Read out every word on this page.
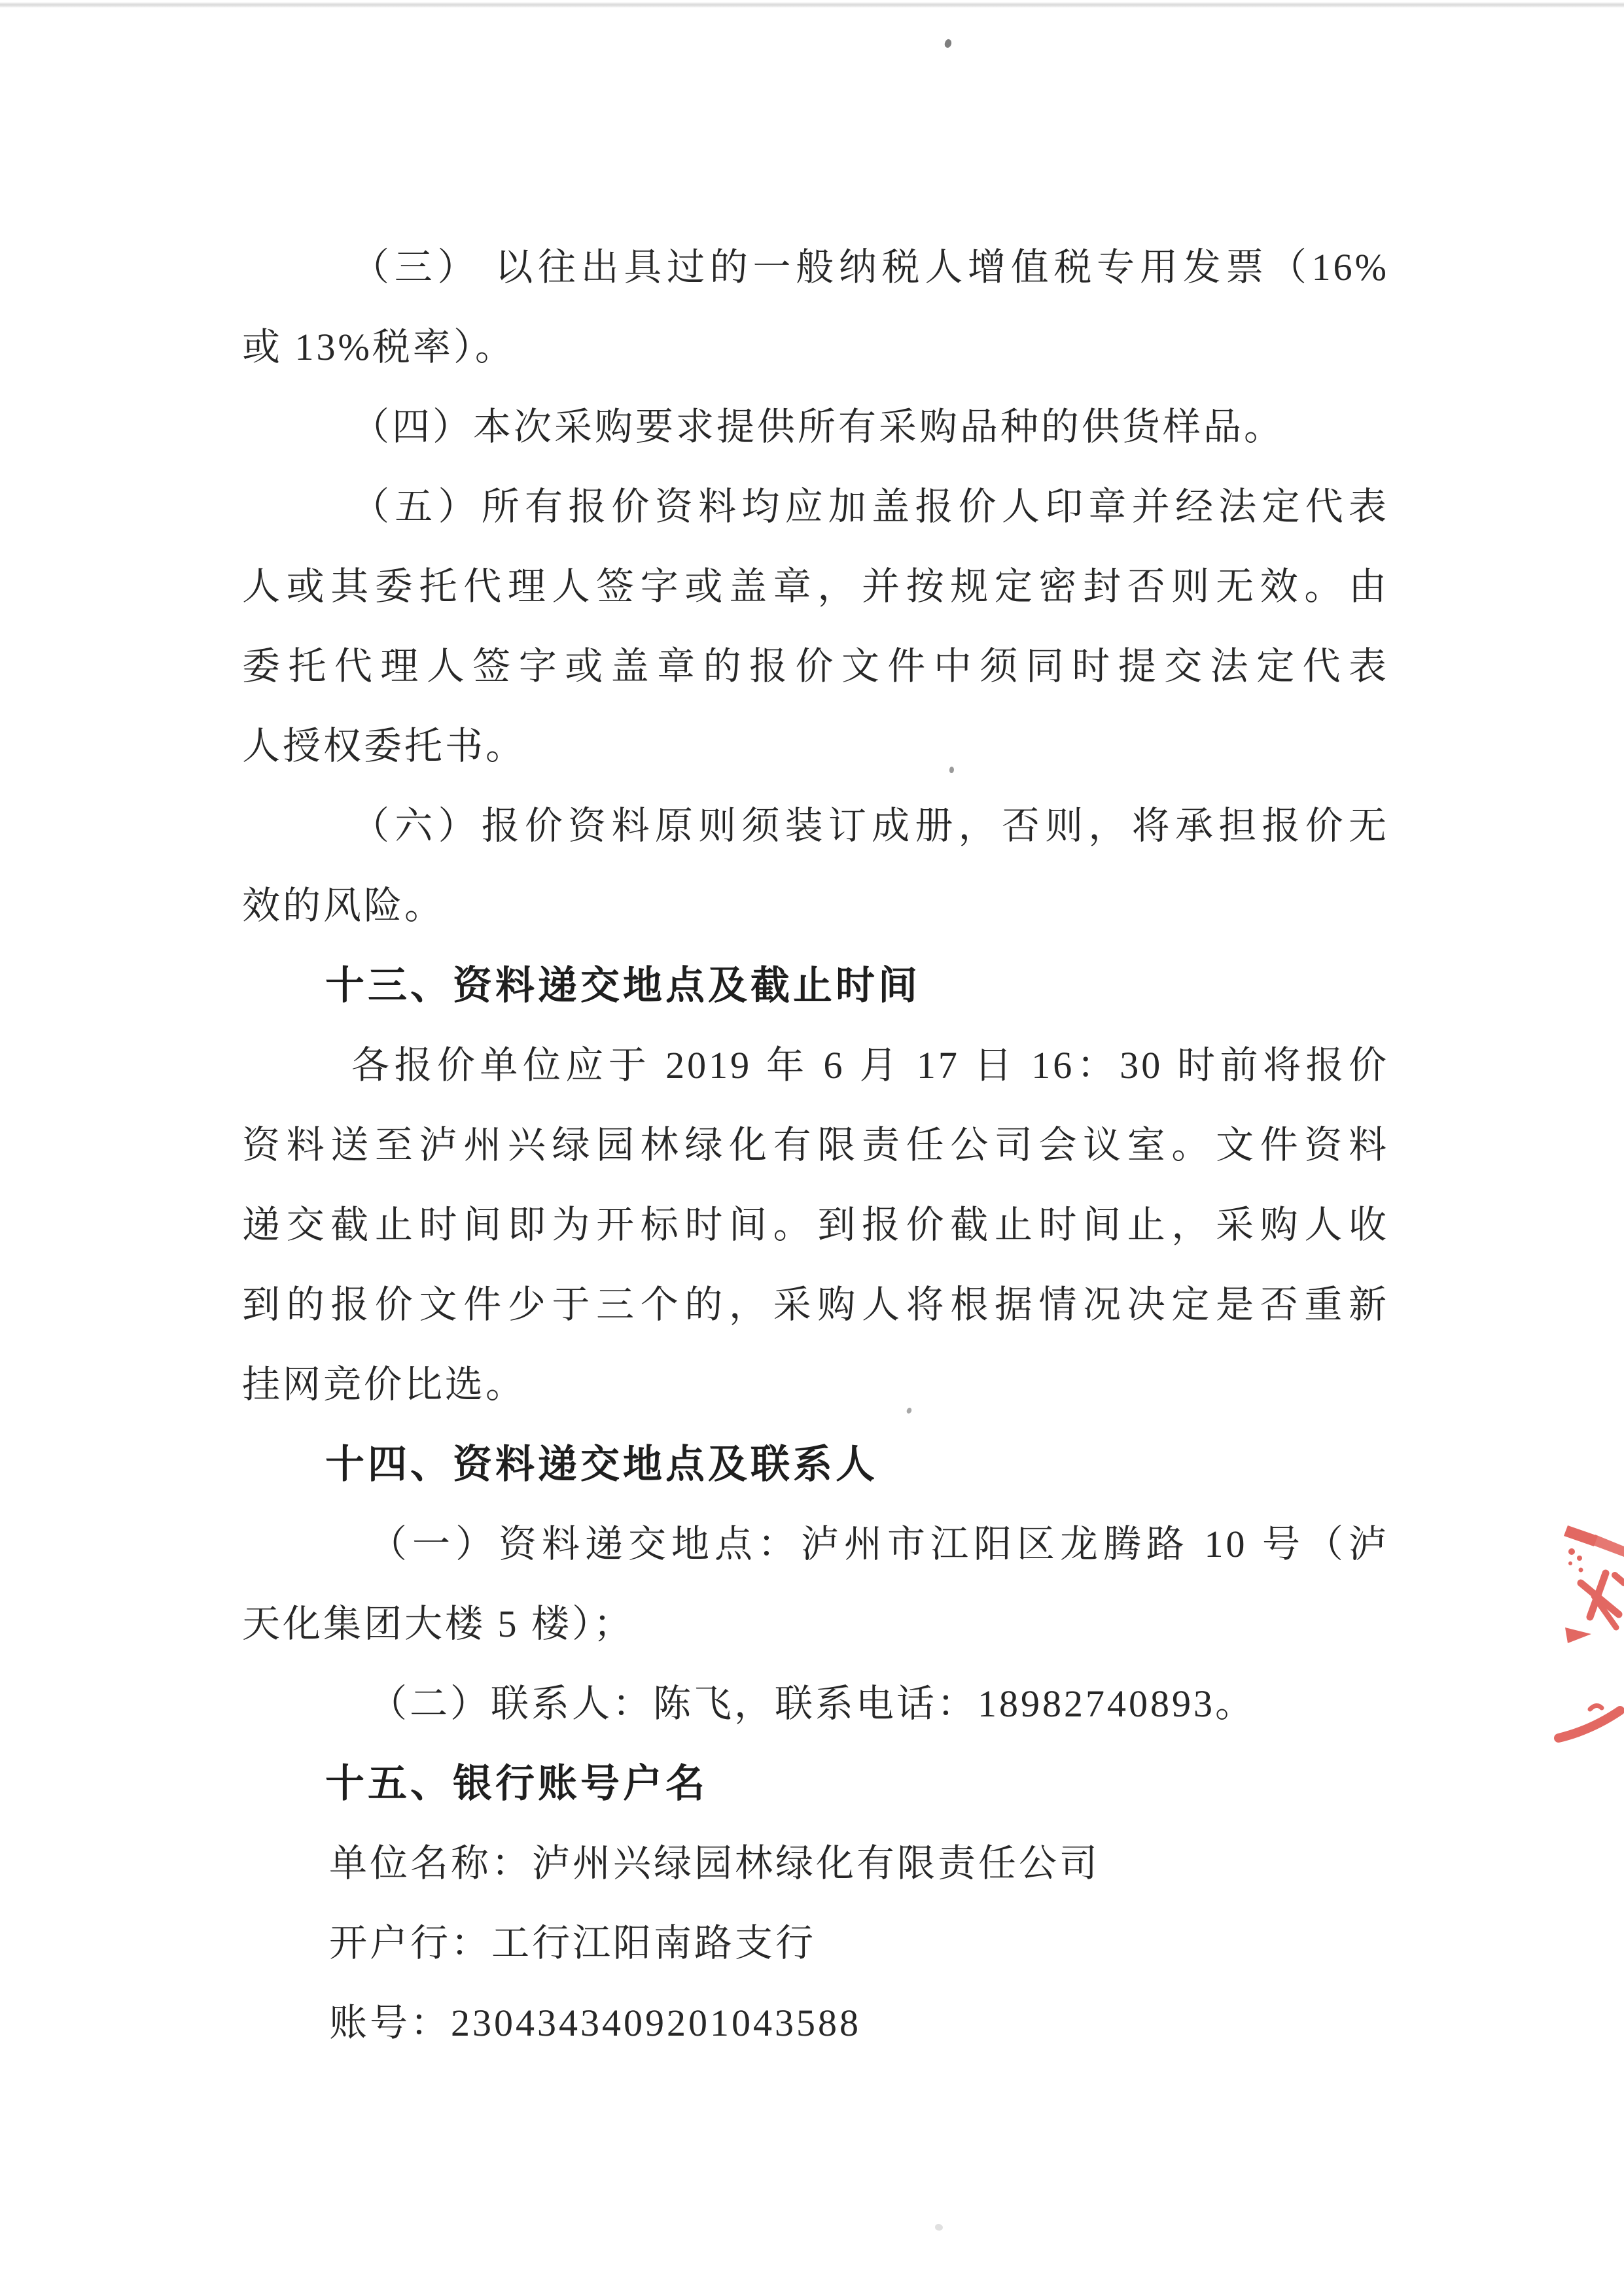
（三） 以往出具过的一般纳税人增值税专用发票（16%
或 13%税率）。
（四）本次采购要求提供所有采购品种的供货样品。
（五）所有报价资料均应加盖报价人印章并经法定代表
人或其委托代理人签字或盖章，并按规定密封否则无效。由
委托代理人签字或盖章的报价文件中须同时提交法定代表
人授权委托书。
（六）报价资料原则须装订成册，否则，将承担报价无
效的风险。
十三、资料递交地点及截止时间
各报价单位应于 2019 年 6 月 17 日 16：30 时前将报价
资料送至泸州兴绿园林绿化有限责任公司会议室。文件资料
递交截止时间即为开标时间。到报价截止时间止，采购人收
到的报价文件少于三个的，采购人将根据情况决定是否重新
挂网竞价比选。
十四、资料递交地点及联系人
（一）资料递交地点：泸州市江阳区龙腾路 10 号（泸
天化集团大楼 5 楼）；
（二）联系人：陈飞，联系电话：18982740893。
十五、银行账号户名
单位名称：泸州兴绿园林绿化有限责任公司
开户行：工行江阳南路支行
账号：2304343409201043588
